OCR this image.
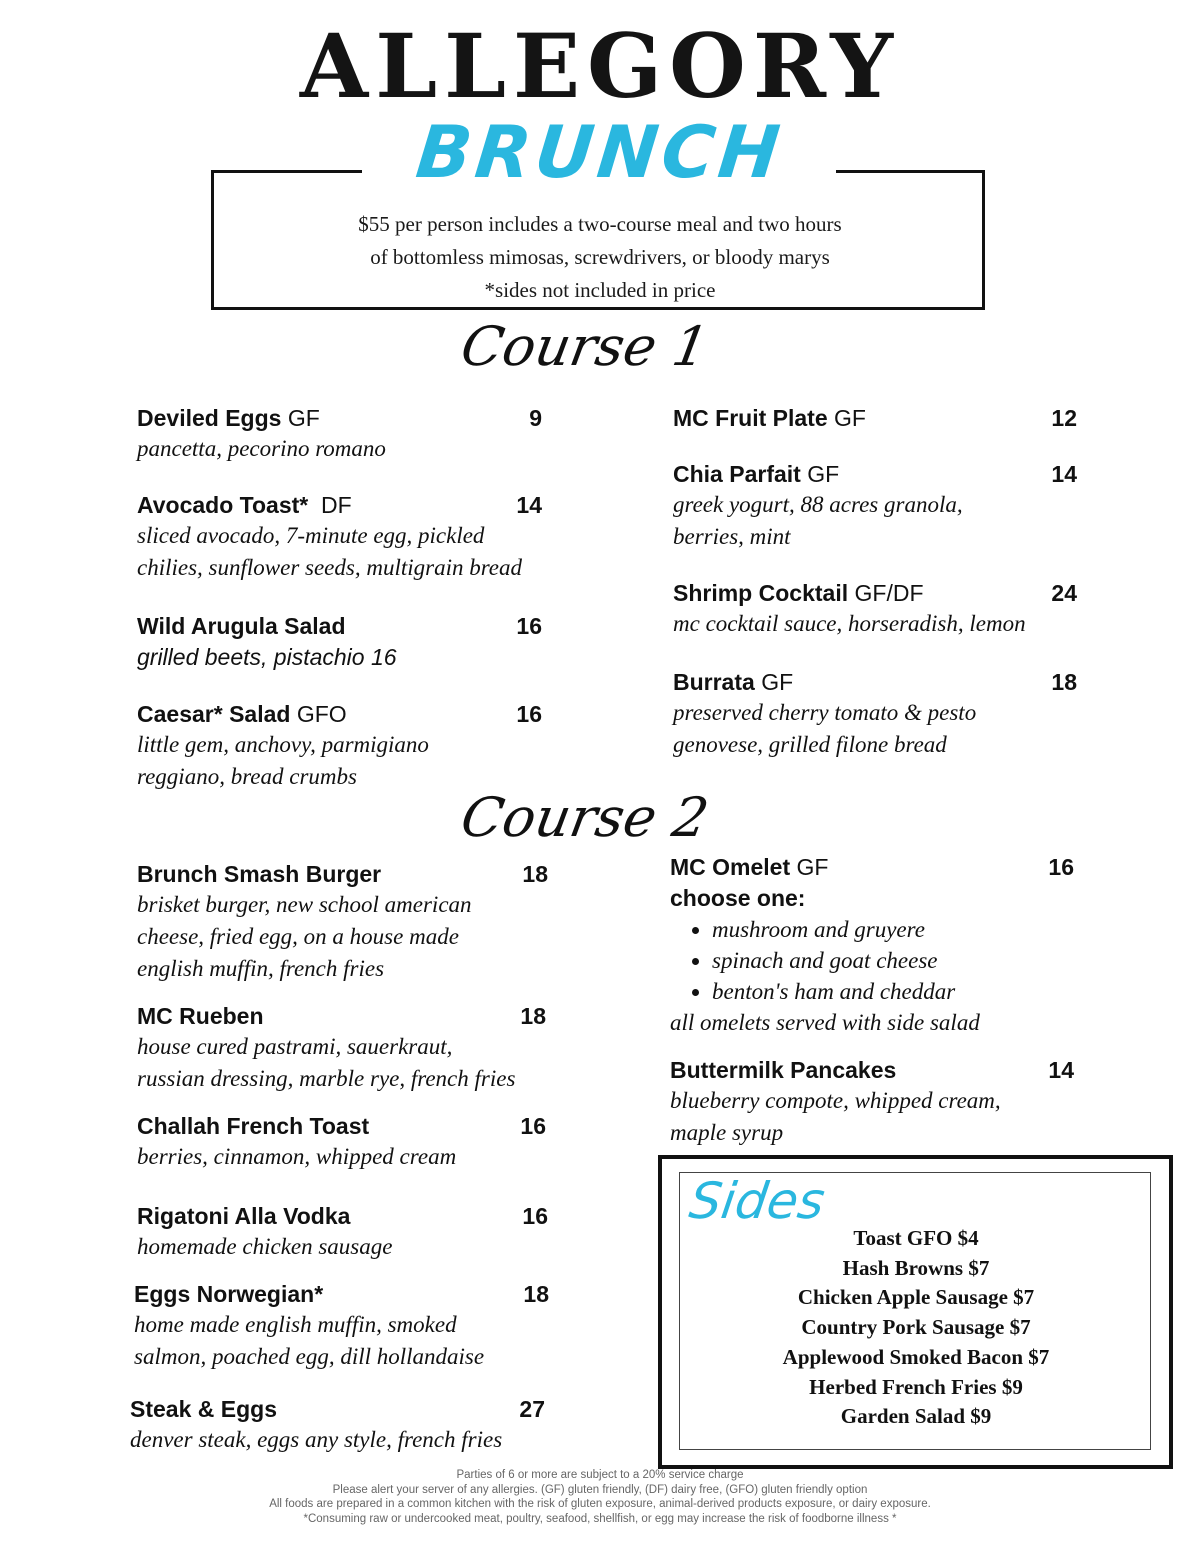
ALLEGORY
BRUNCH
$55 per person includes a two-course meal and two hours
of bottomless mimosas, screwdrivers, or bloody marys
*sides not included in price
Course 1
Deviled Eggs GF
pancetta, pecorino romano
9
Avocado Toast* DF
sliced avocado, 7-minute egg, pickled
chilies, sunflower seeds, multigrain bread
14
Wild Arugula Salad
grilled beets, pistachio 16
16
Caesar* Salad GFO
little gem, anchovy, parmigiano
reggiano, bread crumbs
16
MC Fruit Plate GF	12
Chia Parfait GF
greek yogurt, 88 acres granola,
berries, mint
14
Shrimp Cocktail GF/DF
mc cocktail sauce, horseradish, lemon
24
Burrata GF
preserved cherry tomato & pesto
genovese, grilled filone bread
18
Course 2
Brunch Smash Burger
brisket burger, new school american
cheese, fried egg, on a house made
english muffin, french fries
18
MC Rueben
house cured pastrami, sauerkraut,
russian dressing, marble rye, french fries
18
Challah French Toast
berries, cinnamon, whipped cream
16
Rigatoni Alla Vodka
homemade chicken sausage
16
Eggs Norwegian*
home made english muffin, smoked
salmon, poached egg, dill hollandaise
18
Steak & Eggs
denver steak, eggs any style, french fries
27
MC Omelet GF
choose one:
• mushroom and gruyere
• spinach and goat cheese
• benton's ham and cheddar
all omelets served with side salad
16
Buttermilk Pancakes
blueberry compote, whipped cream,
maple syrup
14
Sides
Toast GFO $4
Hash Browns $7
Chicken Apple Sausage $7
Country Pork Sausage $7
Applewood Smoked Bacon $7
Herbed French Fries $9
Garden Salad $9
Parties of 6 or more are subject to a 20% service charge
Please alert your server of any allergies. (GF) gluten friendly, (DF) dairy free, (GFO) gluten friendly option
All foods are prepared in a common kitchen with the risk of gluten exposure, animal-derived products exposure, or dairy exposure.
*Consuming raw or undercooked meat, poultry, seafood, shellfish, or egg may increase the risk of foodborne illness *
